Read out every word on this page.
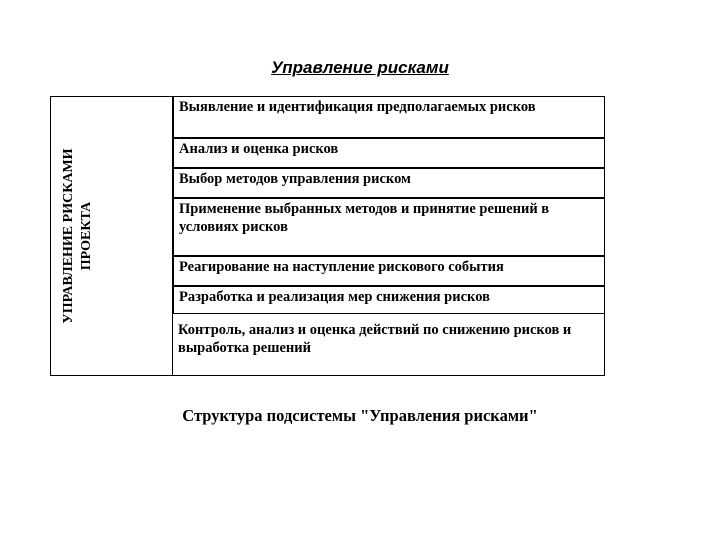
Управление рисками
УПРАВЛЕНИЕ РИСКАМИ ПРОЕКТА
Выявление и идентификация предполагаемых рисков
Анализ и оценка рисков
Выбор методов управления риском
Применение выбранных методов и принятие решений в условиях рисков
Реагирование на наступление рискового события
Разработка и реализация мер снижения рисков
Контроль, анализ и оценка действий по снижению рисков и выработка решений
Структура подсистемы "Управления рисками"
